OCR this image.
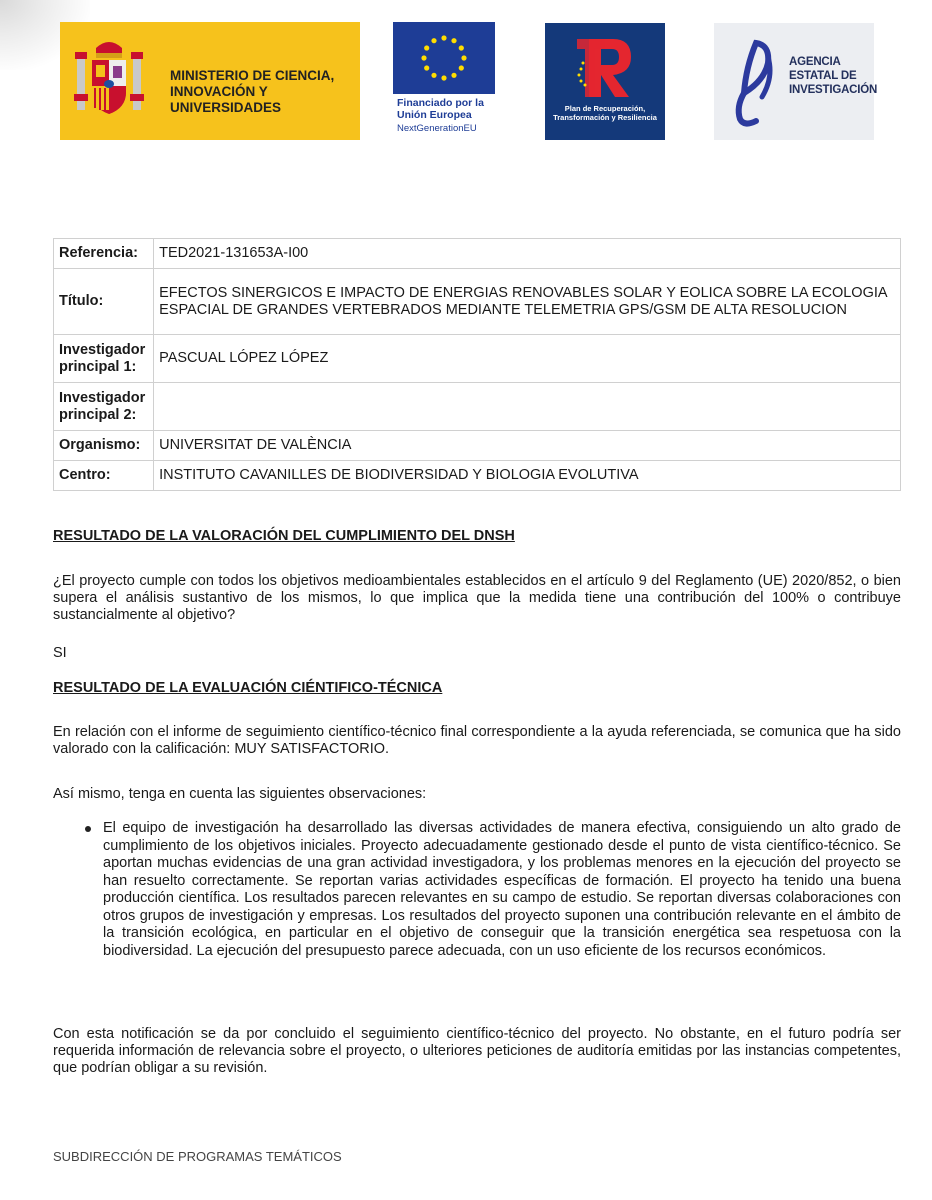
MINISTERIO DE CIENCIA, INNOVACIÓN Y UNIVERSIDADES	Financiado por la Unión Europea
NextGenerationEU
Plan de Recuperación, Transformación y Resiliencia
AGENCIA ESTATAL DE INVESTIGACIÓN
Referencia:	TED2021-131653A-I00
Título:	EFECTOS SINERGICOS E IMPACTO DE ENERGIAS RENOVABLES SOLAR Y EOLICA SOBRE LA ECOLOGIA ESPACIAL DE GRANDES VERTEBRADOS MEDIANTE TELEMETRIA GPS/GSM DE ALTA RESOLUCION
Investigador principal 1:	PASCUAL LÓPEZ LÓPEZ
Investigador principal 2:	
Organismo:	UNIVERSITAT DE VALÈNCIA
Centro:	INSTITUTO CAVANILLES DE BIODIVERSIDAD Y BIOLOGIA EVOLUTIVA
RESULTADO DE LA VALORACIÓN DEL CUMPLIMIENTO DEL DNSH
¿El proyecto cumple con todos los objetivos medioambientales establecidos en el artículo 9 del Reglamento (UE) 2020/852, o bien supera el análisis sustantivo de los mismos, lo que implica que la medida tiene una contribución del 100% o contribuye sustancialmente al objetivo?
SI
RESULTADO DE LA EVALUACIÓN CIÉNTIFICO-TÉCNICA
En relación con el informe de seguimiento científico-técnico final correspondiente a la ayuda referenciada, se comunica que ha sido valorado con la calificación: MUY SATISFACTORIO.
Así mismo, tenga en cuenta las siguientes observaciones:
El equipo de investigación ha desarrollado las diversas actividades de manera efectiva, consiguiendo un alto grado de cumplimiento de los objetivos iniciales. Proyecto adecuadamente gestionado desde el punto de vista científico-técnico. Se aportan muchas evidencias de una gran actividad investigadora, y los problemas menores en la ejecución del proyecto se han resuelto correctamente. Se reportan varias actividades específicas de formación. El proyecto ha tenido una buena producción científica. Los resultados parecen relevantes en su campo de estudio. Se reportan diversas colaboraciones con otros grupos de investigación y empresas. Los resultados del proyecto suponen una contribución relevante en el ámbito de la transición ecológica, en particular en el objetivo de conseguir que la transición energética sea respetuosa con la biodiversidad. La ejecución del presupuesto parece adecuada, con un uso eficiente de los recursos económicos.
Con esta notificación se da por concluido el seguimiento científico-técnico del proyecto. No obstante, en el futuro podría ser requerida información de relevancia sobre el proyecto, o ulteriores peticiones de auditoría emitidas por las instancias competentes, que podrían obligar a su revisión.
SUBDIRECCIÓN DE PROGRAMAS TEMÁTICOS
